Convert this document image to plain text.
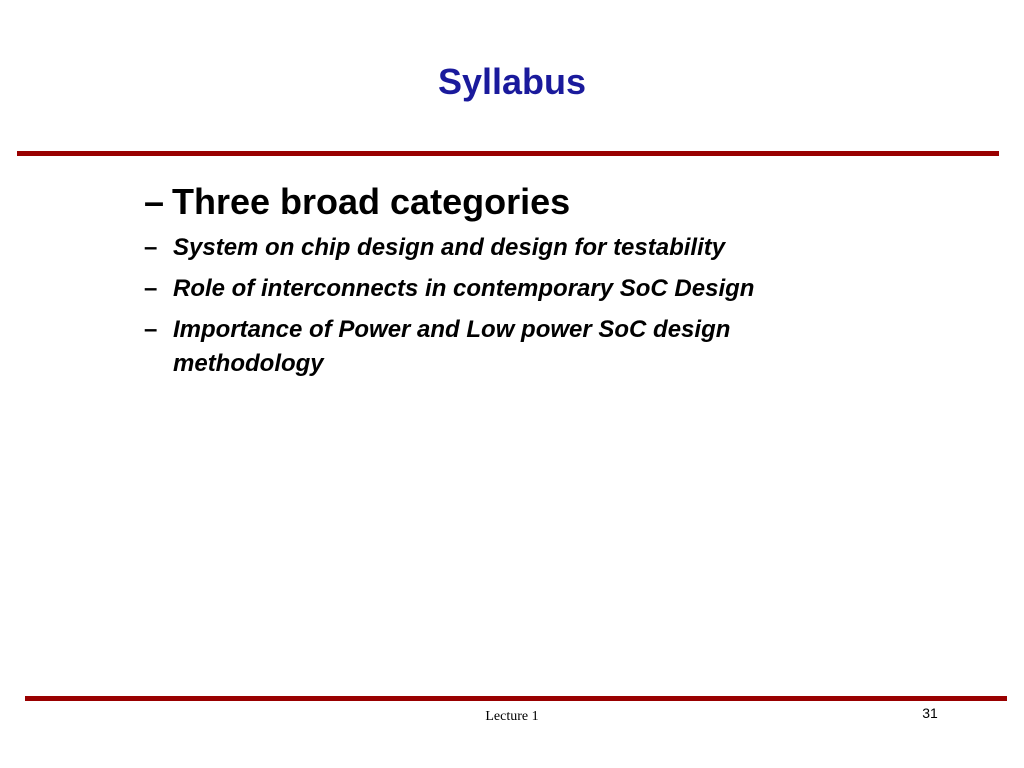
Syllabus
– Three broad categories
– System on chip design and design for testability
– Role of interconnects in contemporary SoC Design
– Importance of Power and Low power SoC design
methodology
Lecture 1	31
